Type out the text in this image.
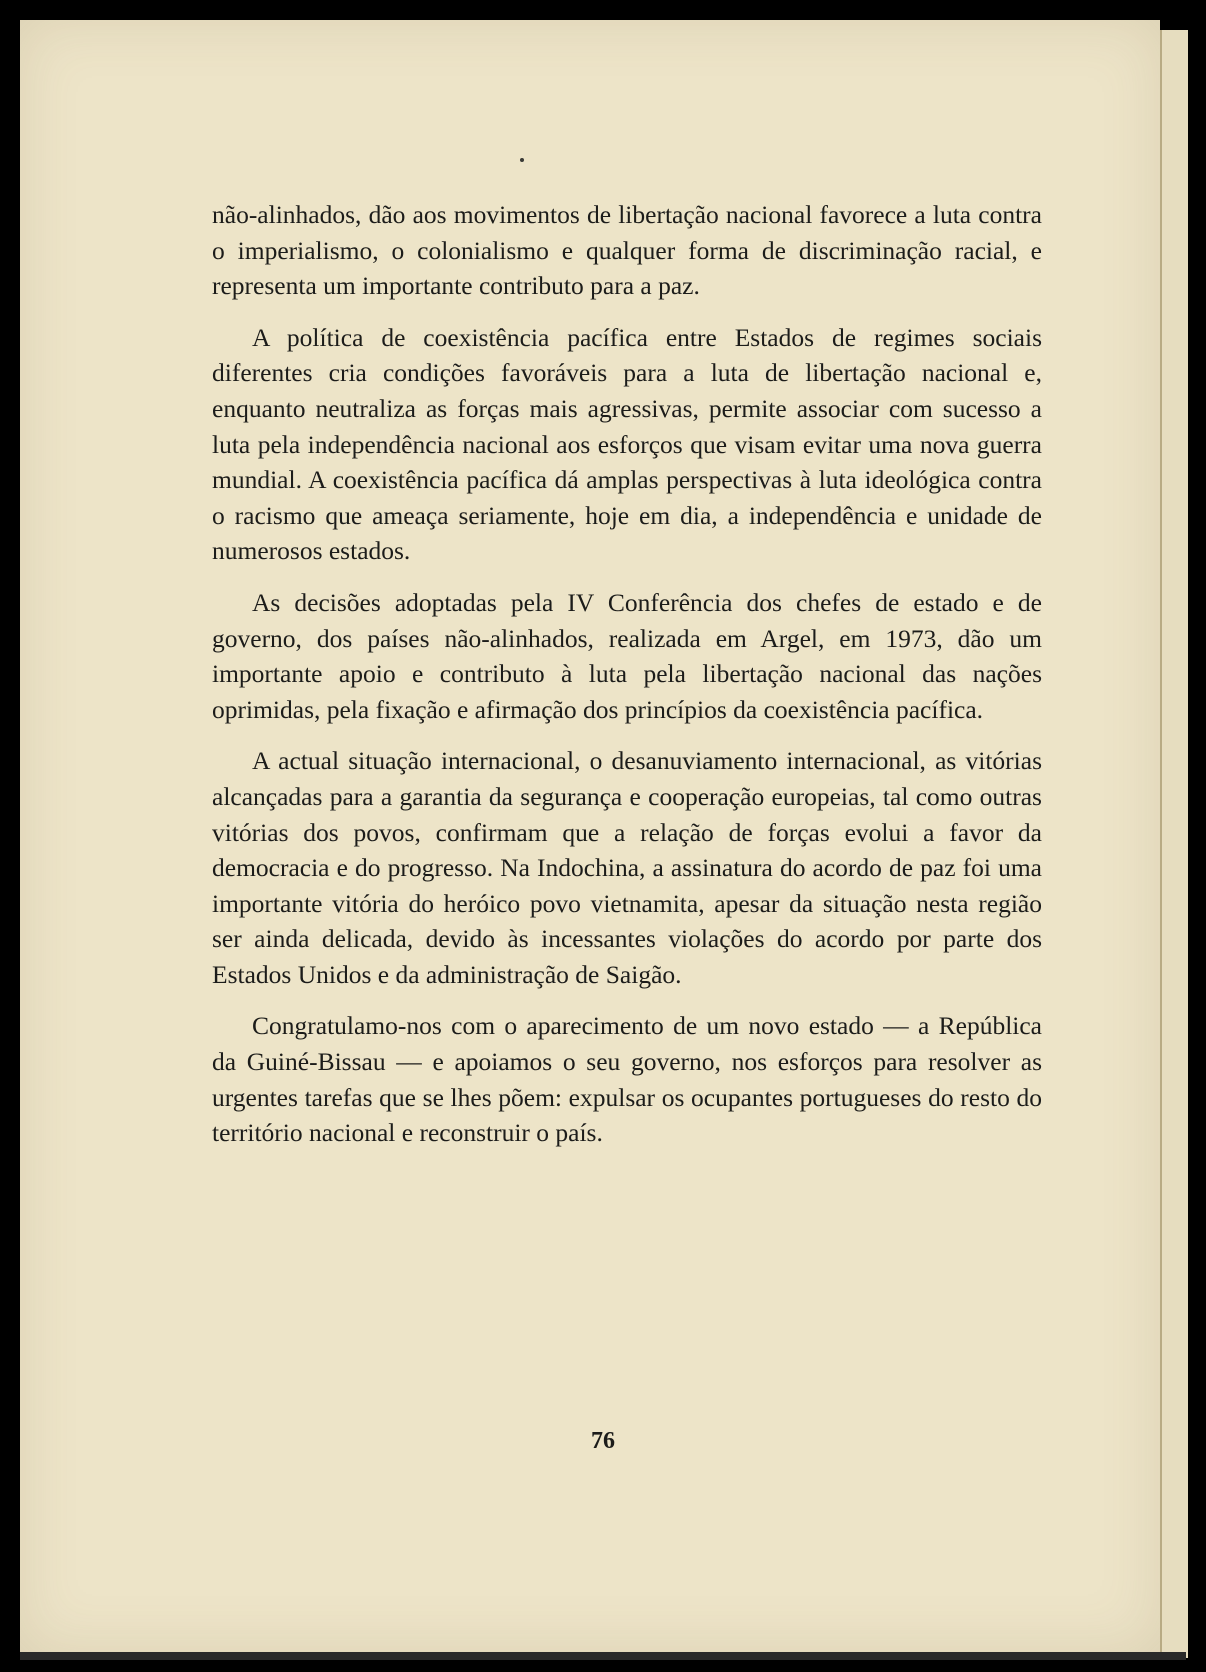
não-alinhados, dão aos movimentos de libertação nacional favorece a luta contra o imperialismo, o colonialismo e qualquer forma de discriminação racial, e representa um importante contributo para a paz.

A política de coexistência pacífica entre Estados de regimes sociais diferentes cria condições favoráveis para a luta de libertação nacional e, enquanto neutraliza as forças mais agressivas, permite associar com sucesso a luta pela independência nacional aos esforços que visam evitar uma nova guerra mundial. A coexistência pacífica dá amplas perspectivas à luta ideológica contra o racismo que ameaça seriamente, hoje em dia, a independência e unidade de numerosos estados.

As decisões adoptadas pela IV Conferência dos chefes de estado e de governo, dos países não-alinhados, realizada em Argel, em 1973, dão um importante apoio e contributo à luta pela libertação nacional das nações oprimidas, pela fixação e afirmação dos princípios da coexistência pacífica.

A actual situação internacional, o desanuviamento internacional, as vitórias alcançadas para a garantia da segurança e cooperação europeias, tal como outras vitórias dos povos, confirmam que a relação de forças evolui a favor da democracia e do progresso. Na Indochina, a assinatura do acordo de paz foi uma importante vitória do heróico povo vietnamita, apesar da situação nesta região ser ainda delicada, devido às incessantes violações do acordo por parte dos Estados Unidos e da administração de Saigão.

Congratulamo-nos com o aparecimento de um novo estado — a República da Guiné-Bissau — e apoiamos o seu governo, nos esforços para resolver as urgentes tarefas que se lhes põem: expulsar os ocupantes portugueses do resto do território nacional e reconstruir o país.

76
